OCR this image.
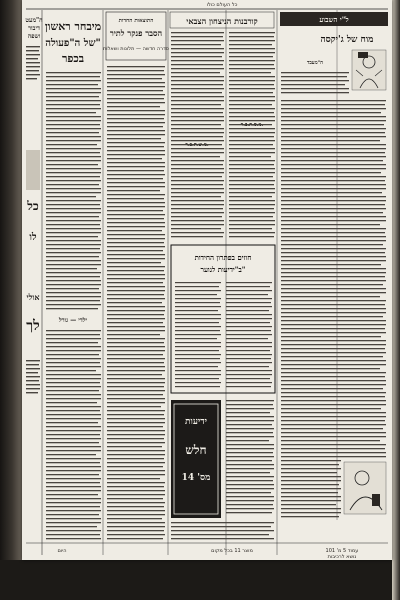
כל העולם כולו
ה"מעט
דיבור
ושפה
כל
לו
אולי
לך
מיבחר ראשון
של ה"פעולה"
בכפר
התוצאות החדות
הסבר פנקר לתיר
סדרה חדשה — תלונות ושאלות
ילדי — גורל
קורבנות הניצחון הצבאי
מ.ש.ת.ב.ר.
מ.ס.ת.ב.ר.
חוזים בפתרון החידות
ב"ידיעות לנוער"
ידיעות
חלש
מס' 14
ל"י השבוע
מוח של ג'יקסה
ה"מעבד
היום	מוצר 11 בכל מקום	עמוד 5 מ' 101
נושא לרכיבות
